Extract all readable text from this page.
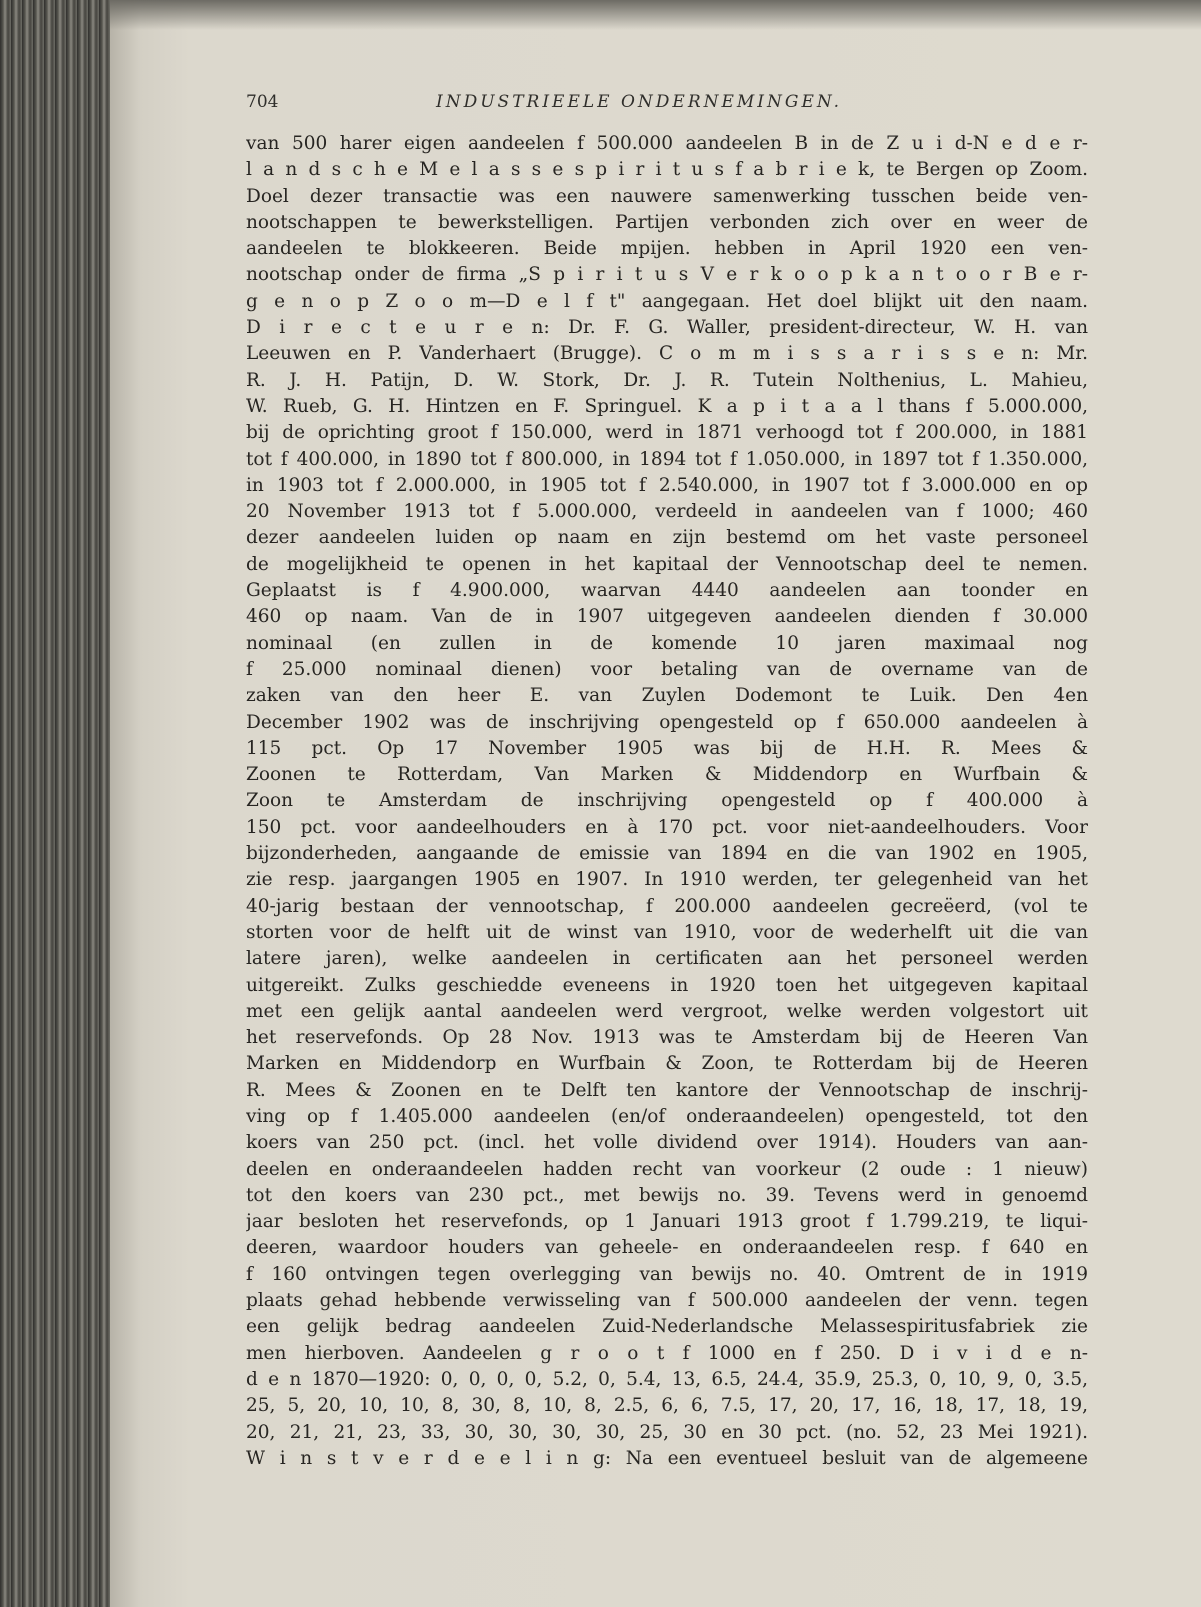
704	INDUSTRIEELE ONDERNEMINGEN.
van 500 harer eigen aandeelen f 500.000 aandeelen B in de Z u i d-N e d e r-
l a n d s c h e M e l a s s e s p i r i t u s f a b r i e k, te Bergen op Zoom.
Doel dezer transactie was een nauwere samenwerking tusschen beide ven-
nootschappen te bewerkstelligen. Partijen verbonden zich over en weer de
aandeelen te blokkeeren. Beide mpijen. hebben in April 1920 een ven-
nootschap onder de firma „S p i r i t u s V e r k o o p k a n t o o r B e r-
g e n o p Z o o m—D e l f t" aangegaan. Het doel blijkt uit den naam.
D i r e c t e u r e n: Dr. F. G. Waller, president-directeur, W. H. van
Leeuwen en P. Vanderhaert (Brugge). C o m m i s s a r i s s e n: Mr.
R. J. H. Patijn, D. W. Stork, Dr. J. R. Tutein Nolthenius, L. Mahieu,
W. Rueb, G. H. Hintzen en F. Springuel. K a p i t a a l thans f 5.000.000,
bij de oprichting groot f 150.000, werd in 1871 verhoogd tot f 200.000, in 1881
tot f 400.000, in 1890 tot f 800.000, in 1894 tot f 1.050.000, in 1897 tot f 1.350.000,
in 1903 tot f 2.000.000, in 1905 tot f 2.540.000, in 1907 tot f 3.000.000 en op
20 November 1913 tot f 5.000.000, verdeeld in aandeelen van f 1000; 460
dezer aandeelen luiden op naam en zijn bestemd om het vaste personeel
de mogelijkheid te openen in het kapitaal der Vennootschap deel te nemen.
Geplaatst is f 4.900.000, waarvan 4440 aandeelen aan toonder en
460 op naam. Van de in 1907 uitgegeven aandeelen dienden f 30.000
nominaal (en zullen in de komende 10 jaren maximaal nog
f 25.000 nominaal dienen) voor betaling van de overname van de
zaken van den heer E. van Zuylen Dodemont te Luik. Den 4en
December 1902 was de inschrijving opengesteld op f 650.000 aandeelen à
115 pct. Op 17 November 1905 was bij de H.H. R. Mees &
Zoonen te Rotterdam, Van Marken & Middendorp en Wurfbain &
Zoon te Amsterdam de inschrijving opengesteld op f 400.000 à
150 pct. voor aandeelhouders en à 170 pct. voor niet-aandeelhouders. Voor
bijzonderheden, aangaande de emissie van 1894 en die van 1902 en 1905,
zie resp. jaargangen 1905 en 1907. In 1910 werden, ter gelegenheid van het
40-jarig bestaan der vennootschap, f 200.000 aandeelen gecreëerd, (vol te
storten voor de helft uit de winst van 1910, voor de wederhelft uit die van
latere jaren), welke aandeelen in certificaten aan het personeel werden
uitgereikt. Zulks geschiedde eveneens in 1920 toen het uitgegeven kapitaal
met een gelijk aantal aandeelen werd vergroot, welke werden volgestort uit
het reservefonds. Op 28 Nov. 1913 was te Amsterdam bij de Heeren Van
Marken en Middendorp en Wurfbain & Zoon, te Rotterdam bij de Heeren
R. Mees & Zoonen en te Delft ten kantore der Vennootschap de inschrij-
ving op f 1.405.000 aandeelen (en/of onderaandeelen) opengesteld, tot den
koers van 250 pct. (incl. het volle dividend over 1914). Houders van aan-
deelen en onderaandeelen hadden recht van voorkeur (2 oude : 1 nieuw)
tot den koers van 230 pct., met bewijs no. 39. Tevens werd in genoemd
jaar besloten het reservefonds, op 1 Januari 1913 groot f 1.799.219, te liqui-
deeren, waardoor houders van geheele- en onderaandeelen resp. f 640 en
f 160 ontvingen tegen overlegging van bewijs no. 40. Omtrent de in 1919
plaats gehad hebbende verwisseling van f 500.000 aandeelen der venn. tegen
een gelijk bedrag aandeelen Zuid-Nederlandsche Melassespiritusfabriek zie
men hierboven. Aandeelen g r o o t f 1000 en f 250. D i v i d e n-
d e n 1870—1920: 0, 0, 0, 0, 5.2, 0, 5.4, 13, 6.5, 24.4, 35.9, 25.3, 0, 10, 9, 0, 3.5,
25, 5, 20, 10, 10, 8, 30, 8, 10, 8, 2.5, 6, 6, 7.5, 17, 20, 17, 16, 18, 17, 18, 19,
20, 21, 21, 23, 33, 30, 30, 30, 30, 25, 30 en 30 pct. (no. 52, 23 Mei 1921).
W i n s t v e r d e e l i n g: Na een eventueel besluit van de algemeene
